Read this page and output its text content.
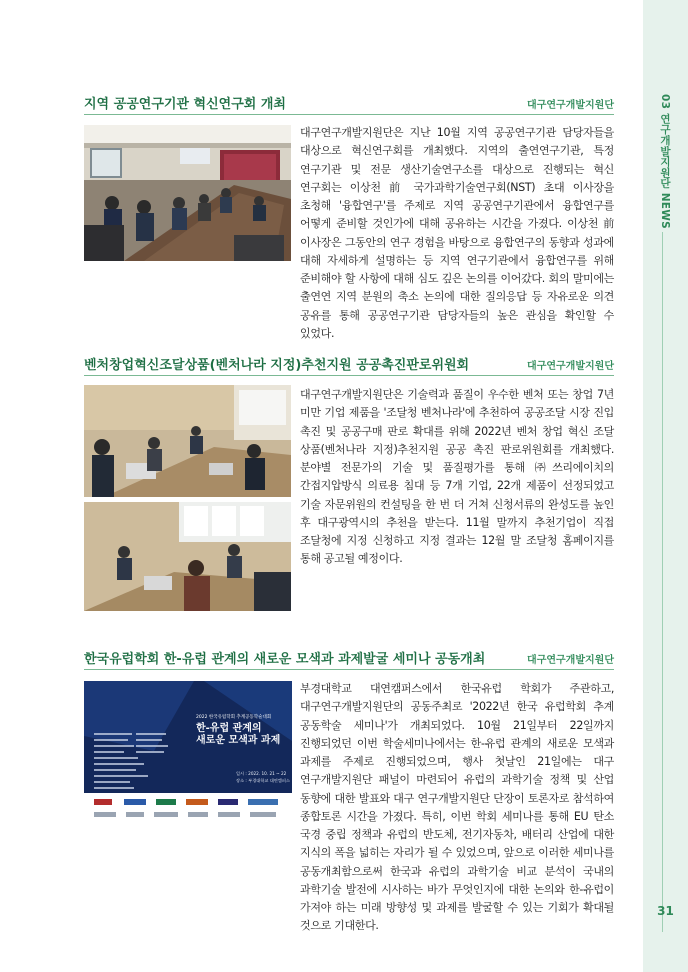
03 연구개발지원단 NEWS
31
지역 공공연구기관 혁신연구회 개최	대구연구개발지원단
대구연구개발지원단은 지난 10월 지역 공공연구기관 담당자들을 대상으로 혁신연구회를 개최했다. 지역의 출연연구기관, 특정 연구기관 및 전문 생산기술연구소를 대상으로 진행되는 혁신 연구회는 이상천 前 국가과학기술연구회(NST) 초대 이사장을 초청해 '융합연구'를 주제로 지역 공공연구기관에서 융합연구를 어떻게 준비할 것인가에 대해 공유하는 시간을 가졌다. 이상천 前 이사장은 그동안의 연구 경험을 바탕으로 융합연구의 동향과 성과에 대해 자세하게 설명하는 등 지역 연구기관에서 융합연구를 위해 준비해야 할 사항에 대해 심도 깊은 논의를 이어갔다. 회의 말미에는 출연연 지역 분원의 축소 논의에 대한 질의응답 등 자유로운 의견 공유를 통해 공공연구기관 담당자들의 높은 관심을 확인할 수 있었다.
벤처창업혁신조달상품(벤처나라 지정)추천지원 공공촉진판로위원회	대구연구개발지원단
대구연구개발지원단은 기술력과 품질이 우수한 벤처 또는 창업 7년 미만 기업 제품을 '조달청 벤처나라'에 추천하여 공공조달 시장 진입 촉진 및 공공구매 판로 확대를 위해 2022년 벤처 창업 혁신 조달 상품(벤처나라 지정)추천지원 공공 촉진 판로위원회를 개최했다. 분야별 전문가의 기술 및 품질평가를 통해 ㈜쓰리에이치의 간접지압방식 의료용 침대 등 7개 기업, 22개 제품이 선정되었고 기술 자문위원의 컨설팅을 한 번 더 거쳐 신청서류의 완성도를 높인 후 대구광역시의 추천을 받는다. 11월 말까지 추천기업이 직접 조달청에 지정 신청하고 지정 결과는 12월 말 조달청 홈페이지를 통해 공고될 예정이다.
한국유럽학회 한-유럽 관계의 새로운 모색과 과제발굴 세미나 공동개최	대구연구개발지원단
2022 한국유럽학회 추계공동학술대회
한-유럽 관계의
새로운 모색과 과제
일시 : 2022. 10. 21 ~ 22
장소 : 부경대학교 대연캠퍼스
부경대학교 대연캠퍼스에서 한국유럽 학회가 주관하고, 대구연구개발지원단의 공동주최로 '2022년 한국 유럽학회 추계 공동학술 세미나'가 개최되었다. 10월 21일부터 22일까지 진행되었던 이번 학술세미나에서는 한-유럽 관계의 새로운 모색과 과제를 주제로 진행되었으며, 행사 첫날인 21일에는 대구 연구개발지원단 패널이 마련되어 유럽의 과학기술 정책 및 산업 동향에 대한 발표와 대구 연구개발지원단 단장이 토론자로 참석하여 종합토론 시간을 가졌다. 특히, 이번 학회 세미나를 통해 EU 탄소 국경 중립 정책과 유럽의 반도체, 전기자동차, 배터리 산업에 대한 지식의 폭을 넓히는 자리가 될 수 있었으며, 앞으로 이러한 세미나를 공동개최함으로써 한국과 유럽의 과학기술 비교 분석이 국내의 과학기술 발전에 시사하는 바가 무엇인지에 대한 논의와 한-유럽이 가져야 하는 미래 방향성 및 과제를 발굴할 수 있는 기회가 확대될 것으로 기대한다.
